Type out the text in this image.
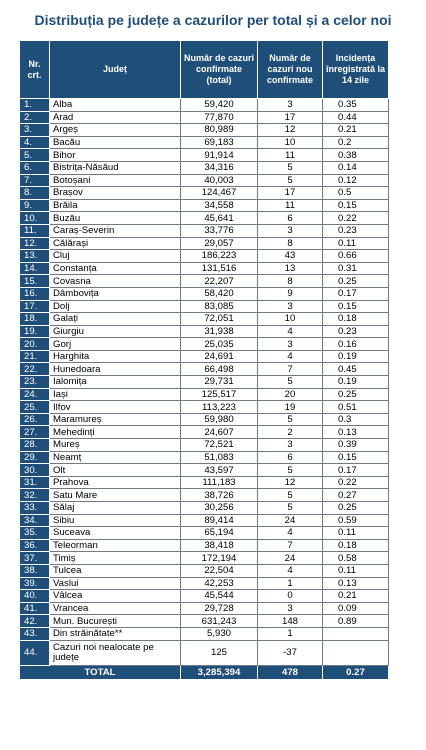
Distribuția pe județe a cazurilor per total și a celor noi
Nr. crt.	Județ	Număr de cazuri confirmate (total)	Număr de cazuri nou confirmate	Incidența înregistrată la 14 zile
1.	Alba	59,420	3	0.35
2.	Arad	77,870	17	0.44
3.	Argeș	80,989	12	0.21
4.	Bacău	69,183	10	0.2
5.	Bihor	91,914	11	0.38
6.	Bistrița-Năsăud	34,316	5	0.14
7.	Botoșani	40,003	5	0.12
8.	Brașov	124,467	17	0.5
9.	Brăila	34,558	11	0.15
10.	Buzău	45,641	6	0.22
11.	Caraș-Severin	33,776	3	0.23
12.	Călărași	29,057	8	0.11
13.	Cluj	186,223	43	0.66
14.	Constanța	131,516	13	0.31
15.	Covasna	22,207	8	0.25
16.	Dâmbovița	58,420	9	0.17
17.	Dolj	83,085	3	0.15
18.	Galați	72,051	10	0.18
19.	Giurgiu	31,938	4	0.23
20.	Gorj	25,035	3	0.16
21.	Harghita	24,691	4	0.19
22.	Hunedoara	66,498	7	0.45
23.	Ialomița	29,731	5	0.19
24.	Iași	125,517	20	0.25
25.	Ilfov	113,223	19	0.51
26.	Maramureș	59,980	5	0.3
27.	Mehedinți	24,607	2	0.13
28.	Mureș	72,521	3	0.39
29.	Neamț	51,083	6	0.15
30.	Olt	43,597	5	0.17
31.	Prahova	111,183	12	0.22
32.	Satu Mare	38,726	5	0.27
33.	Sălaj	30,256	5	0.25
34.	Sibiu	89,414	24	0.59
35.	Suceava	65,194	4	0.11
36.	Teleorman	38,418	7	0.18
37.	Timiș	172,194	24	0.58
38.	Tulcea	22,504	4	0.11
39.	Vaslui	42,253	1	0.13
40.	Vâlcea	45,544	0	0.21
41.	Vrancea	29,728	3	0.09
42.	Mun. București	631,243	148	0.89
43.	Din străinătate**	5,930	1	
44.	Cazuri noi nealocate pe județe	125	-37	
TOTAL		3,285,394	478	0.27
